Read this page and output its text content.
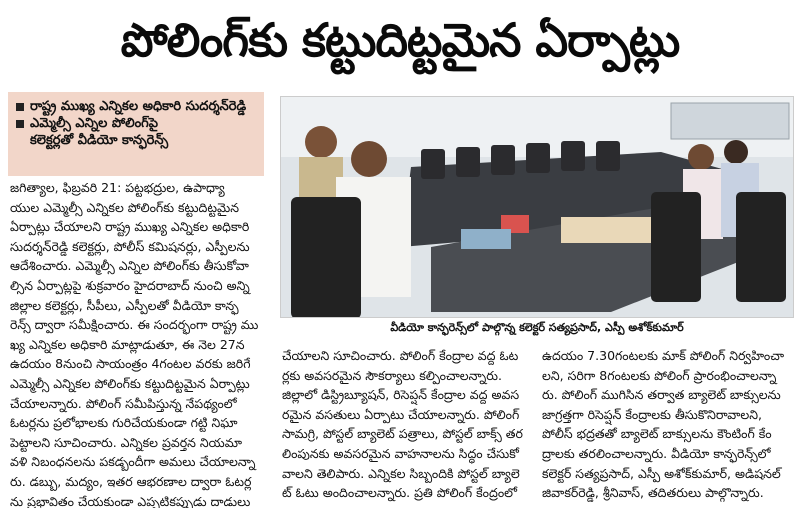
పోలింగ్‌కు కట్టుదిట్టమైన ఏర్పాట్లు
రాష్ట్ర ముఖ్య ఎన్నికల అధికారి సుదర్శన్‌రెడ్డి
ఎమ్మెల్సీ ఎన్నిల పోలింగ్‌పై
కలెక్టర్లతో వీడియో కాన్ఫరెన్స్
వీడియో కాన్ఫరెన్స్‌లో పాల్గొన్న కలెక్టర్ సత్యప్రసాద్, ఎస్పీ అశోక్‌కుమార్
జగిత్యాల, ఫిబ్రవరి 21: పట్టభద్రుల, ఉపాధ్యా
యుల ఎమ్మెల్సీ ఎన్నికల పోలింగ్‌కు కట్టుదిట్టమైన
ఏర్పాట్లు చేయాలని రాష్ట్ర ముఖ్య ఎన్నికల అధికారి
సుదర్శన్‌రెడ్డి కలెక్టర్లు, పోలీస్ కమిషనర్లు, ఎస్పీలను
ఆదేశించారు. ఎమ్మెల్సీ ఎన్నిల పోలింగ్‌కు తీసుకోవా
ల్సిన ఏర్పాట్లపై శుక్రవారం హైదరాబాద్ నుంచి అన్ని
జిల్లాల కలెక్టర్లు, సీపీలు, ఎస్పీలతో వీడియో కాన్ఫ
రెన్స్ ద్వారా సమీక్షించారు. ఈ సందర్భంగా రాష్ట్ర ము
ఖ్య ఎన్నికల అధికారి మాట్లాడుతూ, ఈ నెల 27న
ఉదయం 8నుంచి సాయంత్రం 4గంటల వరకు జరిగే
ఎమ్మెల్సీ ఎన్నికల పోలింగ్‌కు కట్టుదిట్టమైన ఏర్పాట్లు
చేయాలన్నారు. పోలింగ్ సమీపిస్తున్న నేపథ్యంలో
ఓటర్లను ప్రలోభాలకు గురిచేయకుండా గట్టి నిఘా
పెట్టాలని సూచించారు. ఎన్నికల ప్రవర్తన నియమా
వళి నిబంధనలను పకడ్బందీగా అమలు చేయాలన్నా
రు. డబ్బు, మద్యం, ఇతర ఆభరణాల ద్వారా ఓటర్ల
ను ప్రభావితం చేయకుండా ఎప్పటికప్పుడు దాడులు
చేయాలని సూచించారు. పోలింగ్ కేంద్రాల వద్ద ఓట
ర్లకు అవసరమైన సౌకర్యాలు కల్పించాలన్నారు.
జిల్లాలో డిస్ట్రిబ్యూషన్, రిసెప్షన్ కేంద్రాల వద్ద అవస
రమైన వసతులు ఏర్పాటు చేయాలన్నారు. పోలింగ్
సామగ్రి, పోస్టల్ బ్యాలెట్ పత్రాలు, పోస్టల్ బాక్స్ తర
లింపునకు అవసరమైన వాహనాలను సిద్ధం చేసుకో
వాలని తెలిపారు. ఎన్నికల సిబ్బందికి పోస్టల్ బ్యాలె
ట్ ఓటు అందించాలన్నారు. ప్రతి పోలింగ్ కేంద్రంలో
ఉదయం 7.30గంటలకు మాక్ పోలింగ్ నిర్వహించా
లని, సరిగా 8గంటలకు పోలింగ్ ప్రారంభించాలన్నా
రు. పోలింగ్ ముగిసిన తర్వాత బ్యాలెట్ బాక్సులను
జాగ్రత్తగా రిసెప్షన్ కేంద్రాలకు తీసుకొనిరావాలని,
పోలీస్ భద్రతతో బ్యాలెట్ బాక్సులను కౌంటింగ్ కేం
ద్రాలకు తరలించాలన్నారు. వీడియో కాన్ఫరెన్స్‌లో
కలెక్టర్ సత్యప్రసాద్, ఎస్పీ అశోక్‌కుమార్, అడిషనల్
జివాకర్‌రెడ్డి, శ్రీనివాస్, తదితరులు పాల్గొన్నారు.
